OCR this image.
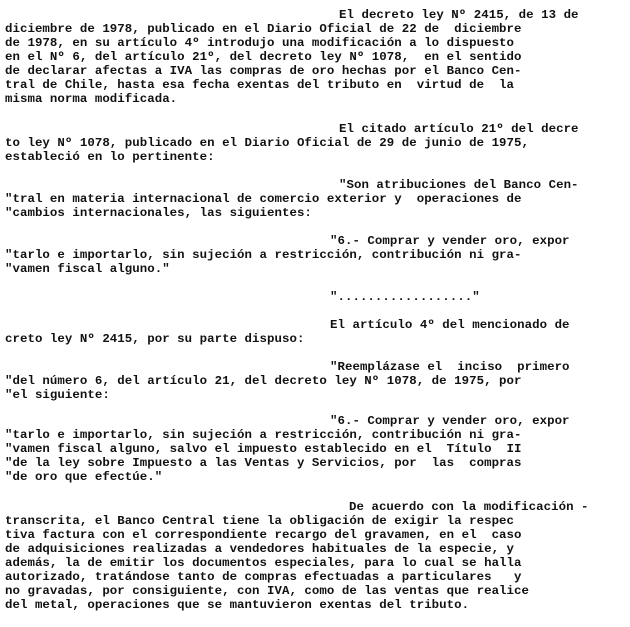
El decreto ley Nº 2415, de 13 de
diciembre de 1978, publicado en el Diario Oficial de 22 de  diciembre
de 1978, en su artículo 4º introdujo una modificación a lo dispuesto
en el Nº 6, del artículo 21º, del decreto ley Nº 1078,  en el sentido
de declarar afectas a IVA las compras de oro hechas por el Banco Cen-
tral de Chile, hasta esa fecha exentas del tributo en  virtud de  la
misma norma modificada.
El citado artículo 21º del decre
to ley Nº 1078, publicado en el Diario Oficial de 29 de junio de 1975,
estableció en lo pertinente:
"Son atribuciones del Banco Cen-
"tral en materia internacional de comercio exterior y  operaciones de
"cambios internacionales, las siguientes:
"6.- Comprar y vender oro, expor
"tarlo e importarlo, sin sujeción a restricción, contribución ni gra-
"vamen fiscal alguno."
".................."
El artículo 4º del mencionado de
creto ley Nº 2415, por su parte dispuso:
"Reemplázase el  inciso  primero
"del número 6, del artículo 21, del decreto ley Nº 1078, de 1975, por
"el siguiente:
"6.- Comprar y vender oro, expor
"tarlo e importarlo, sin sujeción a restricción, contribución ni gra-
"vamen fiscal alguno, salvo el impuesto establecido en el  Título  II
"de la ley sobre Impuesto a las Ventas y Servicios, por  las  compras
"de oro que efectúe."
De acuerdo con la modificación -
transcrita, el Banco Central tiene la obligación de exigir la respec
tiva factura con el correspondiente recargo del gravamen, en el  caso
de adquisiciones realizadas a vendedores habituales de la especie, y
además, la de emitir los documentos especiales, para lo cual se halla
autorizado, tratándose tanto de compras efectuadas a particulares   y
no gravadas, por consiguiente, con IVA, como de las ventas que realice
del metal, operaciones que se mantuvieron exentas del tributo.
